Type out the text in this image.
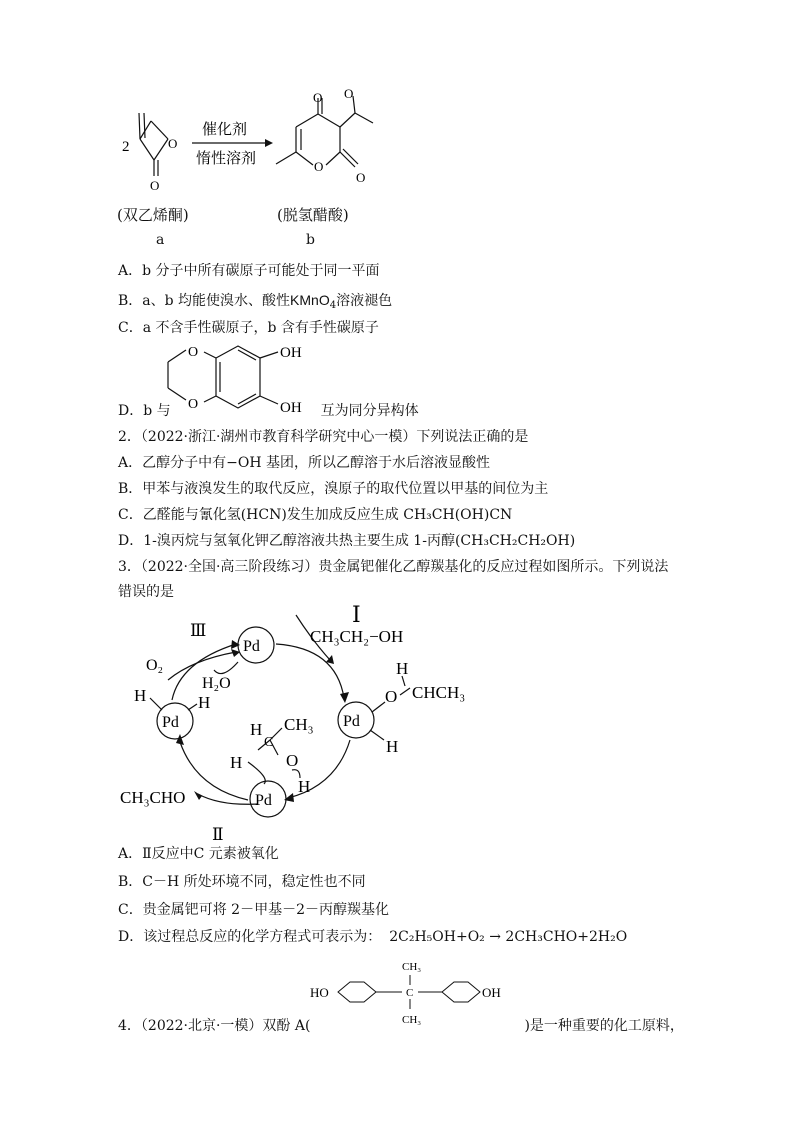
2	O
O
催化剂
惰性溶剂
O O
O
O
(双乙烯酮)	(脱氢醋酸)
a	b
A．b 分子中所有碳原子可能处于同一平面
B．a、b 均能使溴水、酸性KMnO$_4$溶液褪色
C．a 不含手性碳原子，b 含有手性碳原子
O
O
OH
OH
D．b 与	互为同分异构体
2．（2022·浙江·湖州市教育科学研究中心一模）下列说法正确的是
A．乙醇分子中有−OH 基团，所以乙醇溶于水后溶液显酸性
B．甲苯与液溴发生的取代反应，溴原子的取代位置以甲基的间位为主
C．乙醛能与氰化氢(HCN)发生加成反应生成 CH₃CH(OH)CN
D．1-溴丙烷与氢氧化钾乙醇溶液共热主要生成 1-丙醇(CH₃CH₂CH₂OH)
3．（2022·全国·高三阶段练习）贵金属钯催化乙醇羰基化的反应过程如图所示。下列说法
错误的是
Pd
Pd
Pd
Pd
Ⅰ
Ⅲ
Ⅱ
CH₃CH₂−OH
O₂
H₂O
O
H
CHCH₃
H
H	H
H CH₃
C
H	O
H
CH₃CHO
A．Ⅱ反应中C 元素被氧化
B．C－H 所处环境不同，稳定性也不同
C．贵金属钯可将 2－甲基－2－丙醇羰基化
D．该过程总反应的化学方程式可表示为： 2C₂H₅OH+O₂ → 2CH₃CHO+2H₂O
HO	OH
CH₃
C
CH₃
4．（2022·北京·一模）双酚 A(	)是一种重要的化工原料，
